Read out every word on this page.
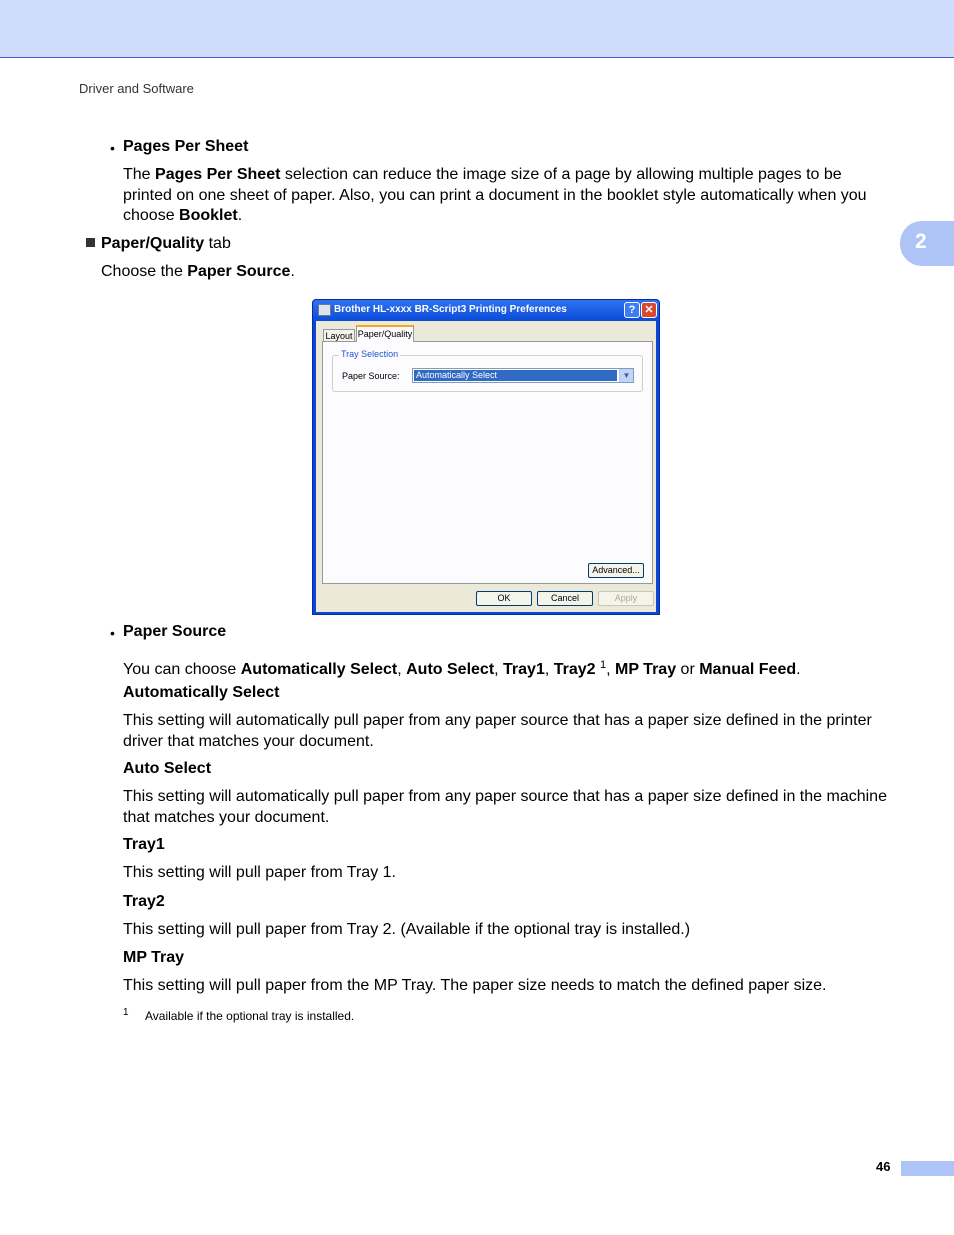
Driver and Software
2
• Pages Per Sheet
The Pages Per Sheet selection can reduce the image size of a page by allowing multiple pages to be printed on one sheet of paper. Also, you can print a document in the booklet style automatically when you choose Booklet.
Paper/Quality tab
Choose the Paper Source.
Brother HL-xxxx BR-Script3 Printing Preferences	? ✕
Layout
Tray Selection
Paper Source: Automatically Select	▼
Advanced...
Paper/Quality
OK	Cancel	Apply
• Paper Source
You can choose Automatically Select, Auto Select, Tray1, Tray2 $^1$, MP Tray or Manual Feed.
Automatically Select
This setting will automatically pull paper from any paper source that has a paper size defined in the printer driver that matches your document.
Auto Select
This setting will automatically pull paper from any paper source that has a paper size defined in the machine that matches your document.
Tray1
This setting will pull paper from Tray 1.
Tray2
This setting will pull paper from Tray 2. (Available if the optional tray is installed.)
MP Tray
This setting will pull paper from the MP Tray. The paper size needs to match the defined paper size.
1 Available if the optional tray is installed.
46
